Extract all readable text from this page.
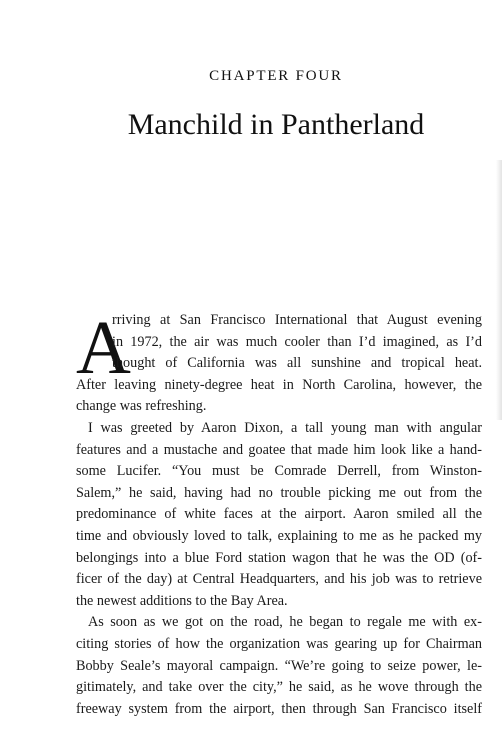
CHAPTER FOUR
Manchild in Pantherland
A
rriving at San Francisco International that August evening
in 1972, the air was much cooler than I’d imagined, as I’d
thought of California was all sunshine and tropical heat.
After leaving ninety-degree heat in North Carolina, however, the
change was refreshing.
I was greeted by Aaron Dixon, a tall young man with angular
features and a mustache and goatee that made him look like a hand-
some Lucifer. “You must be Comrade Derrell, from Winston-
Salem,” he said, having had no trouble picking me out from the
predominance of white faces at the airport. Aaron smiled all the
time and obviously loved to talk, explaining to me as he packed my
belongings into a blue Ford station wagon that he was the OD (of-
ficer of the day) at Central Headquarters, and his job was to retrieve
the newest additions to the Bay Area.
As soon as we got on the road, he began to regale me with ex-
citing stories of how the organization was gearing up for Chairman
Bobby Seale’s mayoral campaign. “We’re going to seize power, le-
gitimately, and take over the city,” he said, as he wove through the
freeway system from the airport, then through San Francisco itself
